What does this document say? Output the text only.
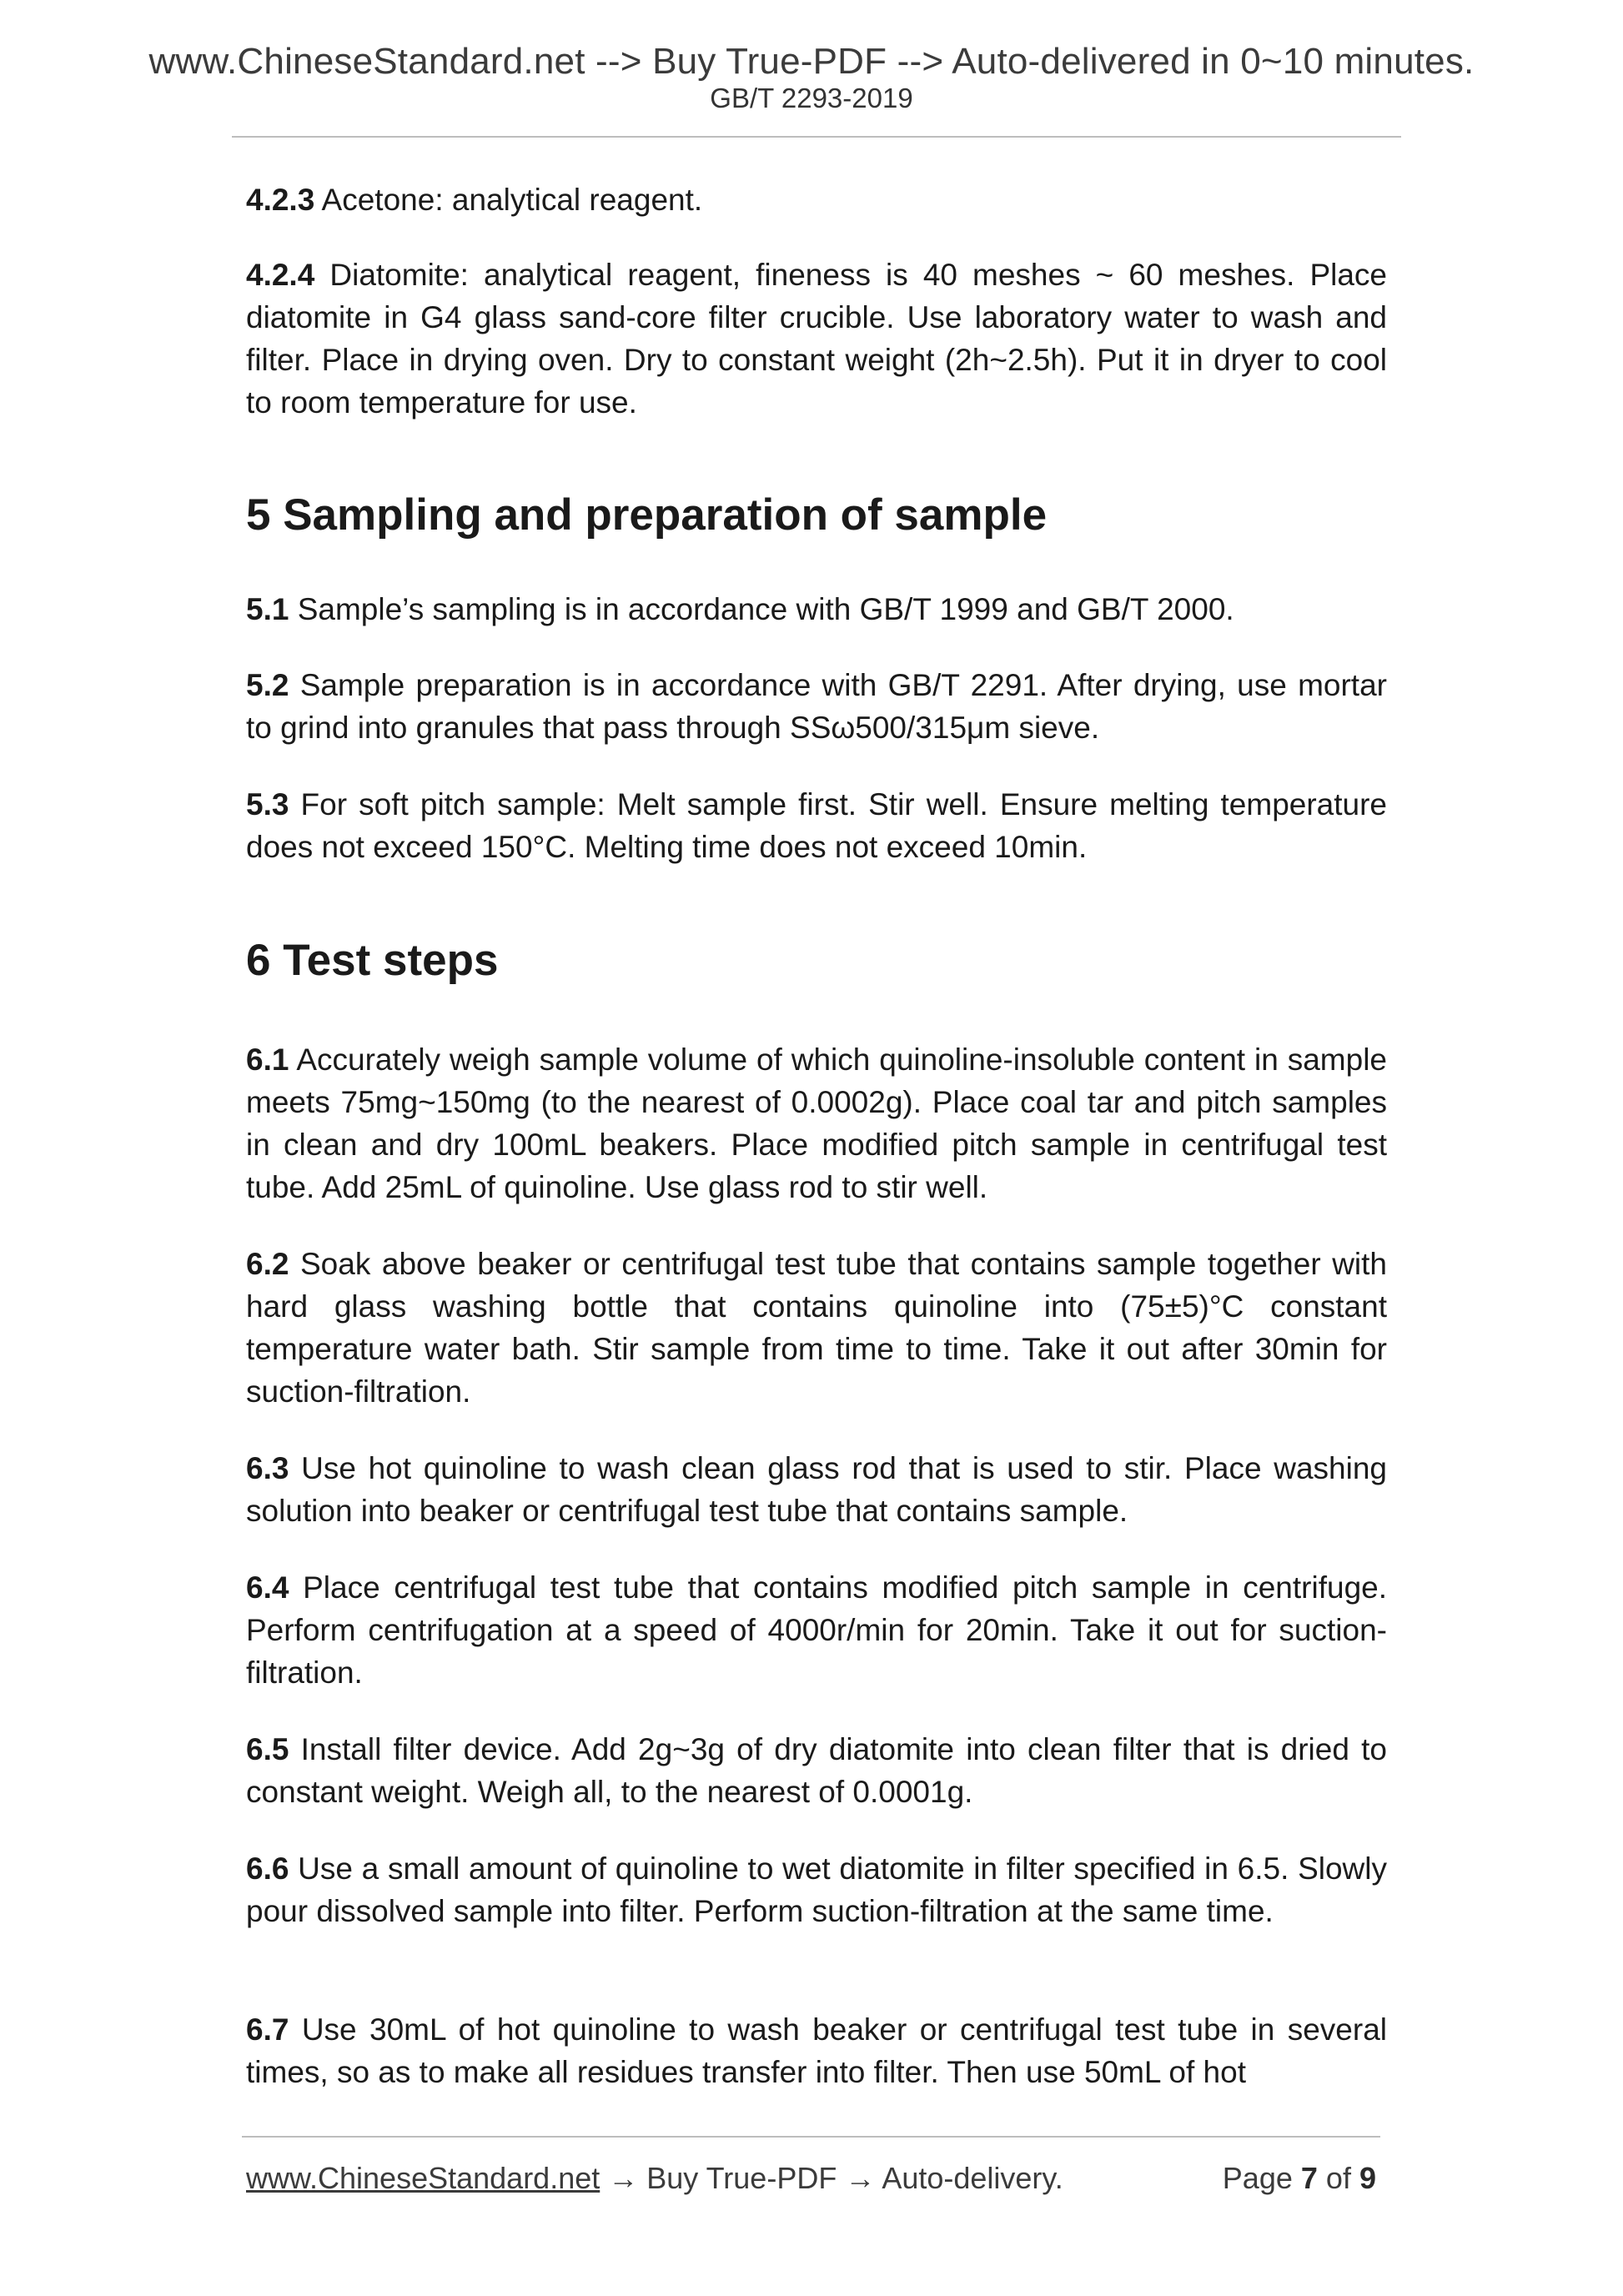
www.ChineseStandard.net --> Buy True-PDF --> Auto-delivered in 0~10 minutes.
GB/T 2293-2019

4.2.3 Acetone: analytical reagent.

4.2.4 Diatomite: analytical reagent, fineness is 40 meshes ~ 60 meshes. Place diatomite in G4 glass sand-core filter crucible. Use laboratory water to wash and filter. Place in drying oven. Dry to constant weight (2h~2.5h). Put it in dryer to cool to room temperature for use.

5 Sampling and preparation of sample

5.1 Sample’s sampling is in accordance with GB/T 1999 and GB/T 2000.

5.2 Sample preparation is in accordance with GB/T 2291. After drying, use mortar to grind into granules that pass through SSω500/315μm sieve.

5.3 For soft pitch sample: Melt sample first. Stir well. Ensure melting temperature does not exceed 150°C. Melting time does not exceed 10min.

6 Test steps

6.1 Accurately weigh sample volume of which quinoline-insoluble content in sample meets 75mg~150mg (to the nearest of 0.0002g). Place coal tar and pitch samples in clean and dry 100mL beakers. Place modified pitch sample in centrifugal test tube. Add 25mL of quinoline. Use glass rod to stir well.

6.2 Soak above beaker or centrifugal test tube that contains sample together with hard glass washing bottle that contains quinoline into (75±5)°C constant temperature water bath. Stir sample from time to time. Take it out after 30min for suction-filtration.

6.3 Use hot quinoline to wash clean glass rod that is used to stir. Place washing solution into beaker or centrifugal test tube that contains sample.

6.4 Place centrifugal test tube that contains modified pitch sample in centrifuge. Perform centrifugation at a speed of 4000r/min for 20min. Take it out for suction-filtration.

6.5 Install filter device. Add 2g~3g of dry diatomite into clean filter that is dried to constant weight. Weigh all, to the nearest of 0.0001g.

6.6 Use a small amount of quinoline to wet diatomite in filter specified in 6.5. Slowly pour dissolved sample into filter. Perform suction-filtration at the same time.

6.7 Use 30mL of hot quinoline to wash beaker or centrifugal test tube in several times, so as to make all residues transfer into filter. Then use 50mL of hot

www.ChineseStandard.net → Buy True-PDF → Auto-delivery.	Page 7 of 9
